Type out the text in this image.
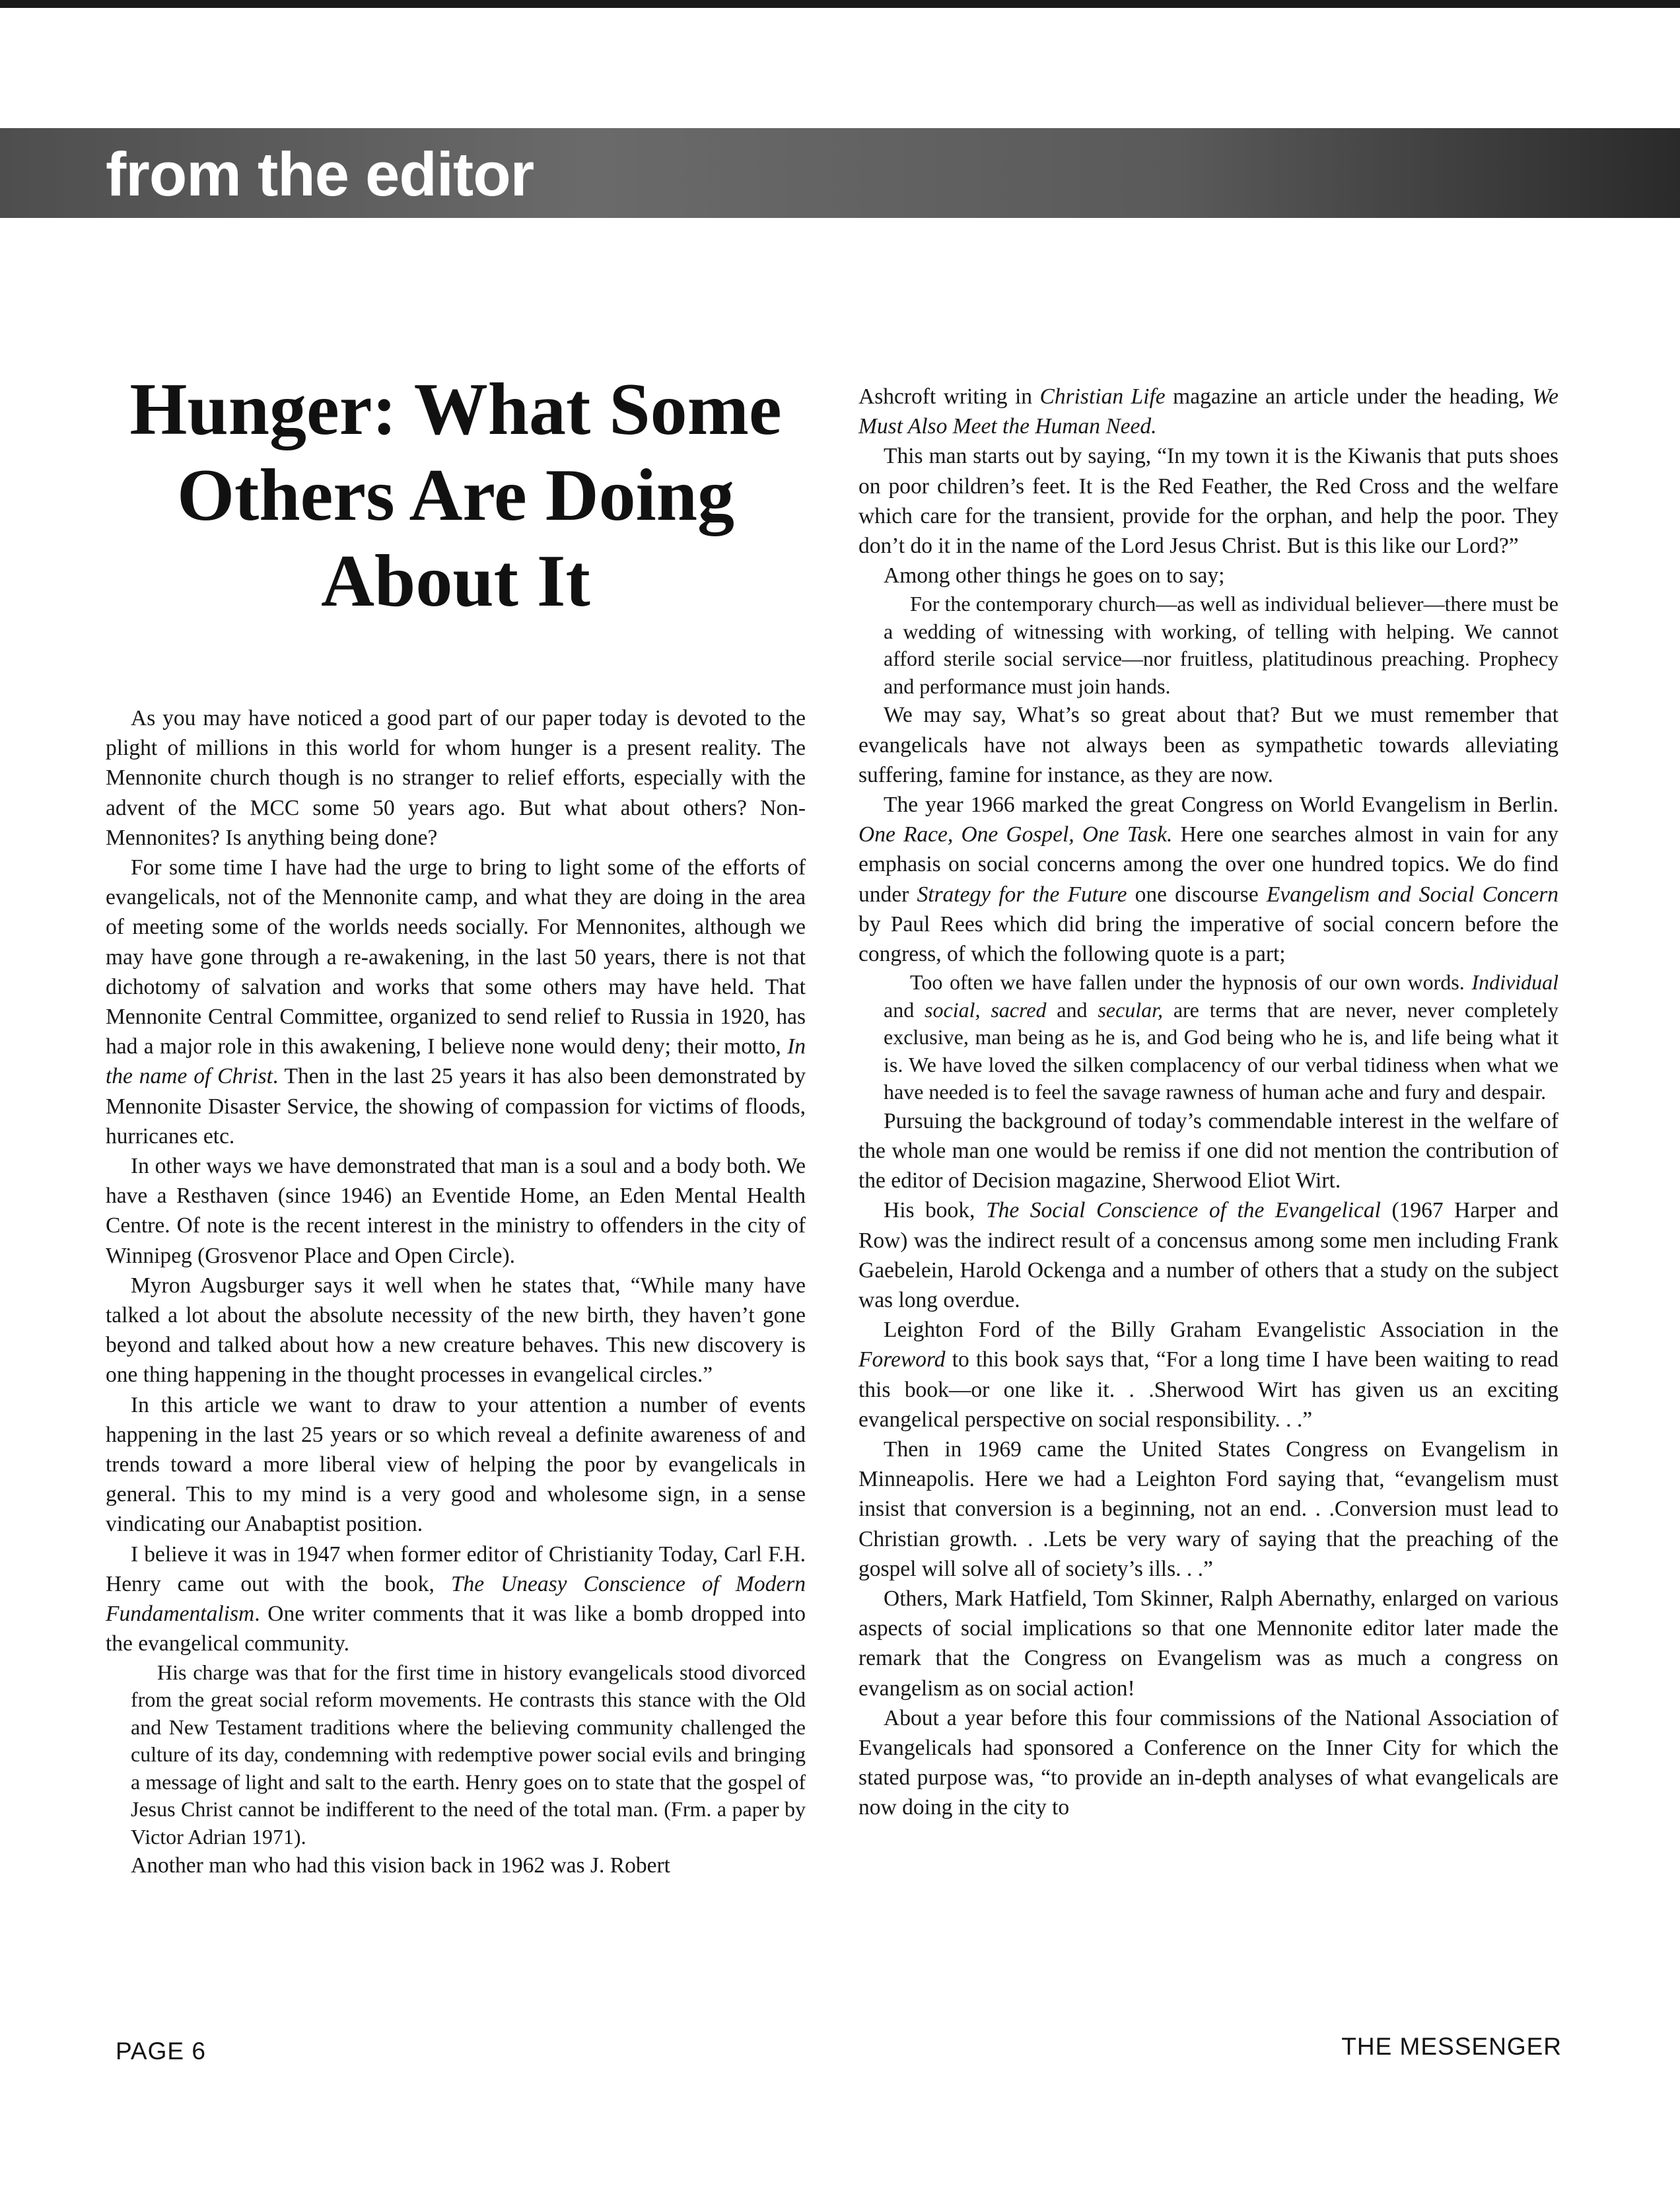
from the editor
Hunger: What Some
Others Are Doing
About It

As you may have noticed a good part of our paper today is devoted to the plight of millions in this world for whom hunger is a present reality. The Mennonite church though is no stranger to relief efforts, especially with the advent of the MCC some 50 years ago. But what about others? Non-Mennonites? Is anything being done?

For some time I have had the urge to bring to light some of the efforts of evangelicals, not of the Mennonite camp, and what they are doing in the area of meeting some of the worlds needs socially. For Mennonites, although we may have gone through a re-awakening, in the last 50 years, there is not that dichotomy of salvation and works that some others may have held. That Mennonite Central Committee, organized to send relief to Russia in 1920, has had a major role in this awakening, I believe none would deny; their motto, In the name of Christ. Then in the last 25 years it has also been demonstrated by Mennonite Disaster Service, the showing of compassion for victims of floods, hurricanes etc.

In other ways we have demonstrated that man is a soul and a body both. We have a Resthaven (since 1946) an Eventide Home, an Eden Mental Health Centre. Of note is the recent interest in the ministry to offenders in the city of Winnipeg (Grosvenor Place and Open Circle).

Myron Augsburger says it well when he states that, “While many have talked a lot about the absolute necessity of the new birth, they haven’t gone beyond and talked about how a new creature behaves. This new discovery is one thing happening in the thought processes in evangelical circles.”

In this article we want to draw to your attention a number of events happening in the last 25 years or so which reveal a definite awareness of and trends toward a more liberal view of helping the poor by evangelicals in general. This to my mind is a very good and wholesome sign, in a sense vindicating our Anabaptist position.

I believe it was in 1947 when former editor of Christianity Today, Carl F.H. Henry came out with the book, The Uneasy Conscience of Modern Fundamentalism. One writer comments that it was like a bomb dropped into the evangelical community.

His charge was that for the first time in history evangelicals stood divorced from the great social reform movements. He contrasts this stance with the Old and New Testament traditions where the believing community challenged the culture of its day, condemning with redemptive power social evils and bringing a message of light and salt to the earth. Henry goes on to state that the gospel of Jesus Christ cannot be indifferent to the need of the total man. (Frm. a paper by Victor Adrian 1971).

Another man who had this vision back in 1962 was J. Robert

Ashcroft writing in Christian Life magazine an article under the heading, We Must Also Meet the Human Need.

This man starts out by saying, “In my town it is the Kiwanis that puts shoes on poor children’s feet. It is the Red Feather, the Red Cross and the welfare which care for the transient, provide for the orphan, and help the poor. They don’t do it in the name of the Lord Jesus Christ. But is this like our Lord?”

Among other things he goes on to say;

For the contemporary church—as well as individual believer—there must be a wedding of witnessing with working, of telling with helping. We cannot afford sterile social service—nor fruitless, platitudinous preaching. Prophecy and performance must join hands.

We may say, What’s so great about that? But we must remember that evangelicals have not always been as sympathetic towards alleviating suffering, famine for instance, as they are now.

The year 1966 marked the great Congress on World Evangelism in Berlin. One Race, One Gospel, One Task. Here one searches almost in vain for any emphasis on social concerns among the over one hundred topics. We do find under Strategy for the Future one discourse Evangelism and Social Concern by Paul Rees which did bring the imperative of social concern before the congress, of which the following quote is a part;

Too often we have fallen under the hypnosis of our own words. Individual and social, sacred and secular, are terms that are never, never completely exclusive, man being as he is, and God being who he is, and life being what it is. We have loved the silken complacency of our verbal tidiness when what we have needed is to feel the savage rawness of human ache and fury and despair.

Pursuing the background of today’s commendable interest in the welfare of the whole man one would be remiss if one did not mention the contribution of the editor of Decision magazine, Sherwood Eliot Wirt.

His book, The Social Conscience of the Evangelical (1967 Harper and Row) was the indirect result of a concensus among some men including Frank Gaebelein, Harold Ockenga and a number of others that a study on the subject was long overdue.

Leighton Ford of the Billy Graham Evangelistic Association in the Foreword to this book says that, “For a long time I have been waiting to read this book—or one like it. . .Sherwood Wirt has given us an exciting evangelical perspective on social responsibility. . .”

Then in 1969 came the United States Congress on Evangelism in Minneapolis. Here we had a Leighton Ford saying that, “evangelism must insist that conversion is a beginning, not an end. . .Conversion must lead to Christian growth. . .Lets be very wary of saying that the preaching of the gospel will solve all of society’s ills. . .”

Others, Mark Hatfield, Tom Skinner, Ralph Abernathy, enlarged on various aspects of social implications so that one Mennonite editor later made the remark that the Congress on Evangelism was as much a congress on evangelism as on social action!

About a year before this four commissions of the National Association of Evangelicals had sponsored a Conference on the Inner City for which the stated purpose was, “to provide an in-depth analyses of what evangelicals are now doing in the city to

PAGE 6	THE MESSENGER
